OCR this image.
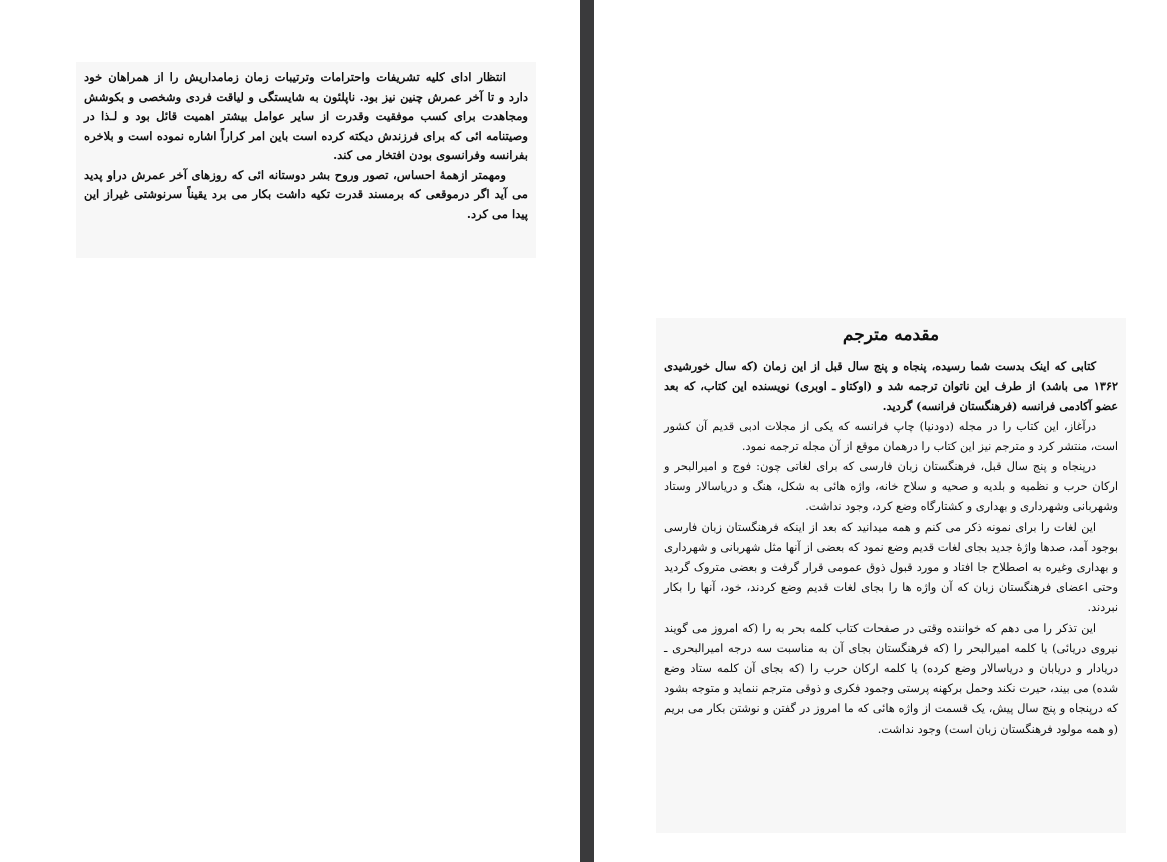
انتظار ادای کلیه تشریفات واحترامات وترتیبات زمان زمامداریش را از همراهان خود دارد و تا آخر عمرش چنین نیز بود. ناپلئون به شایستگی و لیاقت فردی وشخصی و بکوشش ومجاهدت برای کسب موفقیت وقدرت از سایر عوامل بیشتر اهمیت قائل بود و لـذا در وصیتنامه ائی که برای فرزندش دیکته کرده است باین امر کراراً اشاره نموده است و بلاخره بفرانسه وفرانسوی بودن افتخار می کند.

ومهمتر ازهمهٔ احساس، تصور وروح بشر دوستانه ائی که روزهای آخر عمرش دراو پدید می آید اگر درموقعی که برمسند قدرت تکیه داشت بکار می برد یقیناً سرنوشتی غیراز این پیدا می کرد.

مقدمه مترجم

کتابی که اینک بدست شما رسیده، پنجاه و پنج سال قبل از این زمان (که سال خورشیدی ۱۳۶۲ می باشد) از طرف این ناتوان ترجمه شد و (اوکتاو ـ اوبری) نویسنده این کتاب، که بعد عضو آکادمی فرانسه (فرهنگستان فرانسه) گردید.

درآغاز، این کتاب را در مجله (دودنیا) چاپ فرانسه که یکی از مجلات ادبی قدیم آن کشور است، منتشر کرد و مترجم نیز این کتاب را درهمان موقع از آن مجله ترجمه نمود.

درپنجاه و پنج سال قبل، فرهنگستان زبان فارسی که برای لغاتی چون: فوج و امیرالبحر و ارکان حرب و نظمیه و بلدیه و صحیه و سلاح خانه، واژه هائی به شکل، هنگ و دریاسالار وستاد وشهربانی وشهرداری و بهداری و کشتارگاه وضع کرد، وجود نداشت.

این لغات را برای نمونه ذکر می کنم و همه میدانید که بعد از اینکه فرهنگستان زبان فارسی بوجود آمد، صدها واژهٔ جدید بجای لغات قدیم وضع نمود که بعضی از آنها مثل شهربانی و شهرداری و بهداری وغیره به اصطلاح جا افتاد و مورد قبول ذوق عمومی قرار گرفت و بعضی متروک گردید وحتی اعضای فرهنگستان زبان که آن واژه ها را بجای لغات قدیم وضع کردند، خود، آنها را بکار نبردند.

این تذکر را می دهم که خواننده وقتی در صفحات کتاب کلمه بحر به را (که امروز می گویند نیروی دریائی) یا کلمه امیرالبحر را (که فرهنگستان بجای آن به مناسبت سه درجه امیرالبحری ـ دریادار و دریابان و دریاسالار وضع کرده) یا کلمه ارکان حرب را (که بجای آن کلمه ستاد وضع شده) می بیند، حیرت نکند وحمل برکهنه پرستی وجمود فکری و ذوقی مترجم ننماید و متوجه بشود که درپنجاه و پنج سال پیش، یک قسمت از واژه هائی که ما امروز در گفتن و نوشتن بکار می بریم (و همه مولود فرهنگستان زبان است) وجود نداشت.
